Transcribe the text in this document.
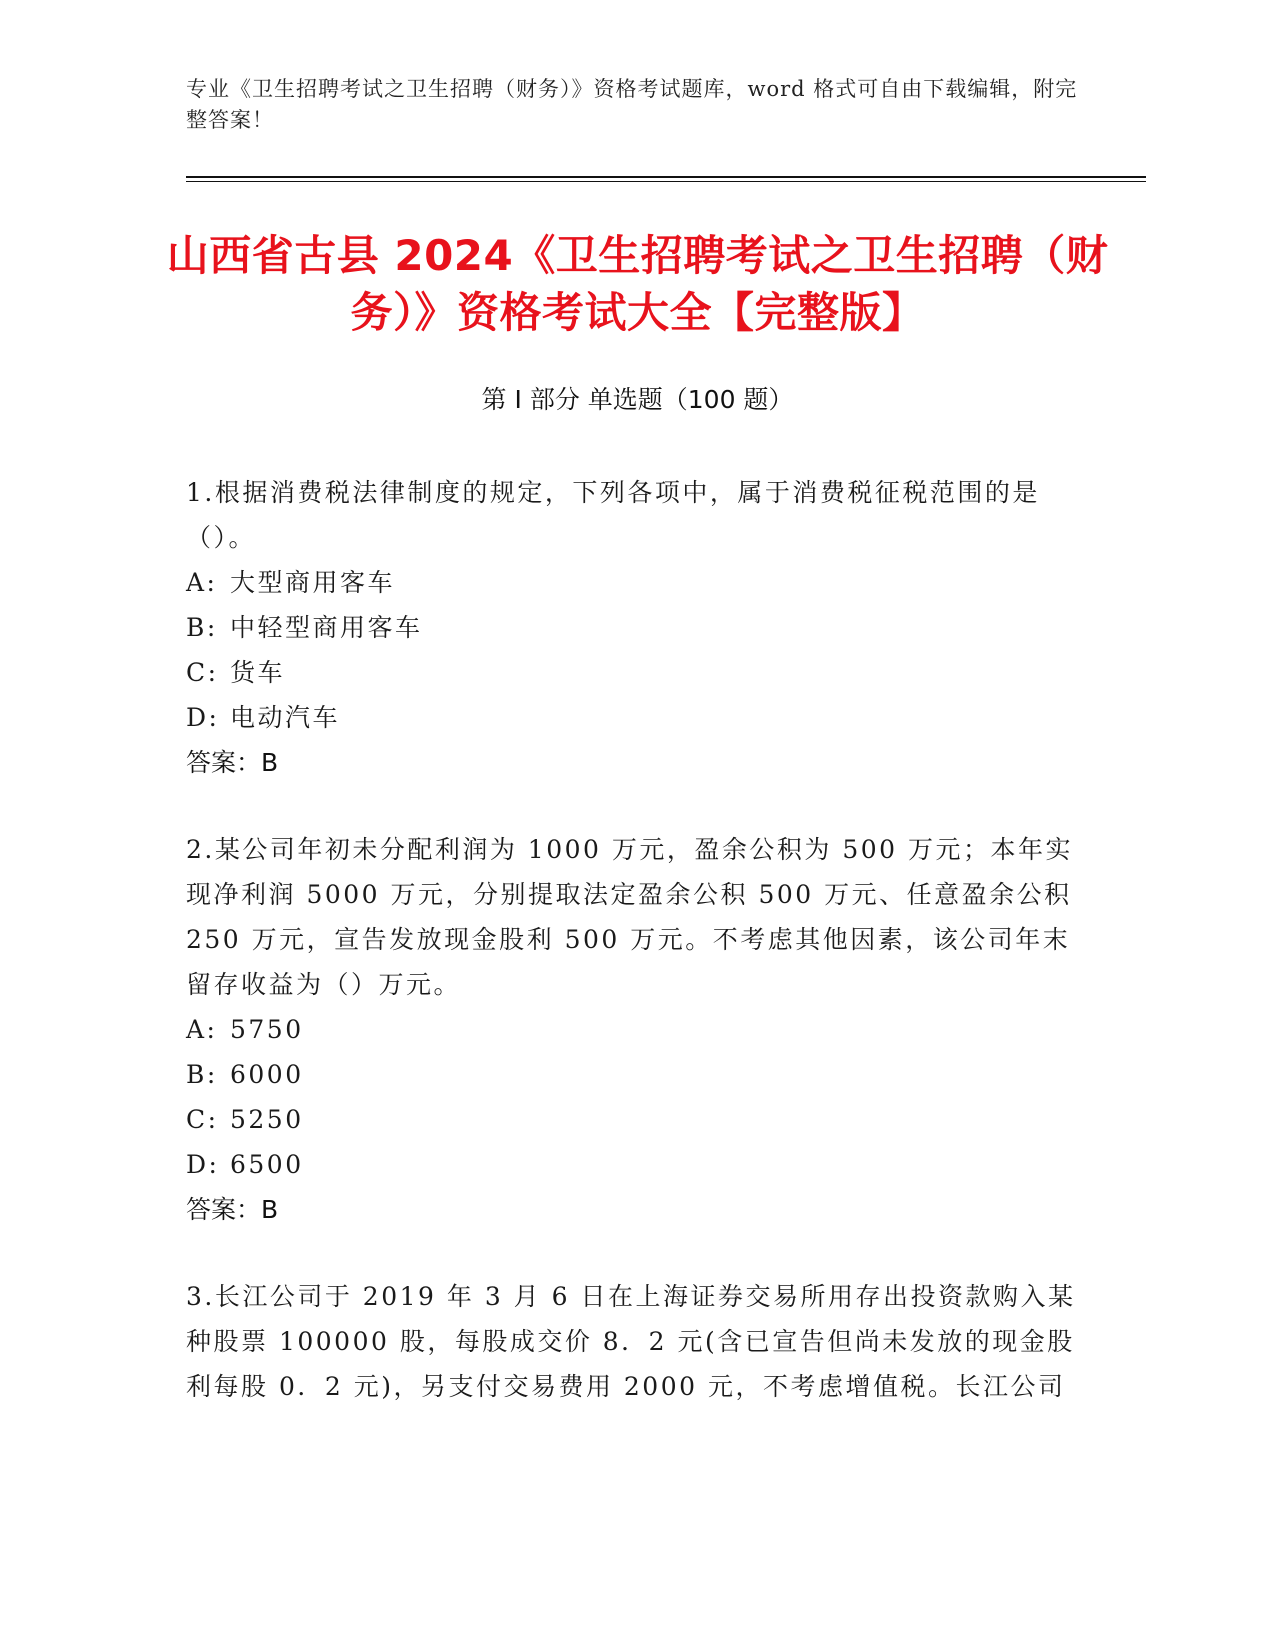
专业《卫生招聘考试之卫生招聘（财务）》资格考试题库，word 格式可自由下载编辑，附完整答案！
山西省古县 2024《卫生招聘考试之卫生招聘（财务）》资格考试大全【完整版】
第 I 部分 单选题（100 题）
1.根据消费税法律制度的规定，下列各项中，属于消费税征税范围的是（）。
A: 大型商用客车
B: 中轻型商用客车
C: 货车
D: 电动汽车
答案：B
2.某公司年初未分配利润为 1000 万元，盈余公积为 500 万元；本年实现净利润 5000 万元，分别提取法定盈余公积 500 万元、任意盈余公积 250 万元，宣告发放现金股利 500 万元。不考虑其他因素，该公司年末留存收益为（）万元。
A: 5750
B: 6000
C: 5250
D: 6500
答案：B
3.长江公司于 2019 年 3 月 6 日在上海证券交易所用存出投资款购入某种股票 100000 股，每股成交价 8．2 元(含已宣告但尚未发放的现金股利每股 0．2 元)，另支付交易费用 2000 元，不考虑增值税。长江公司
